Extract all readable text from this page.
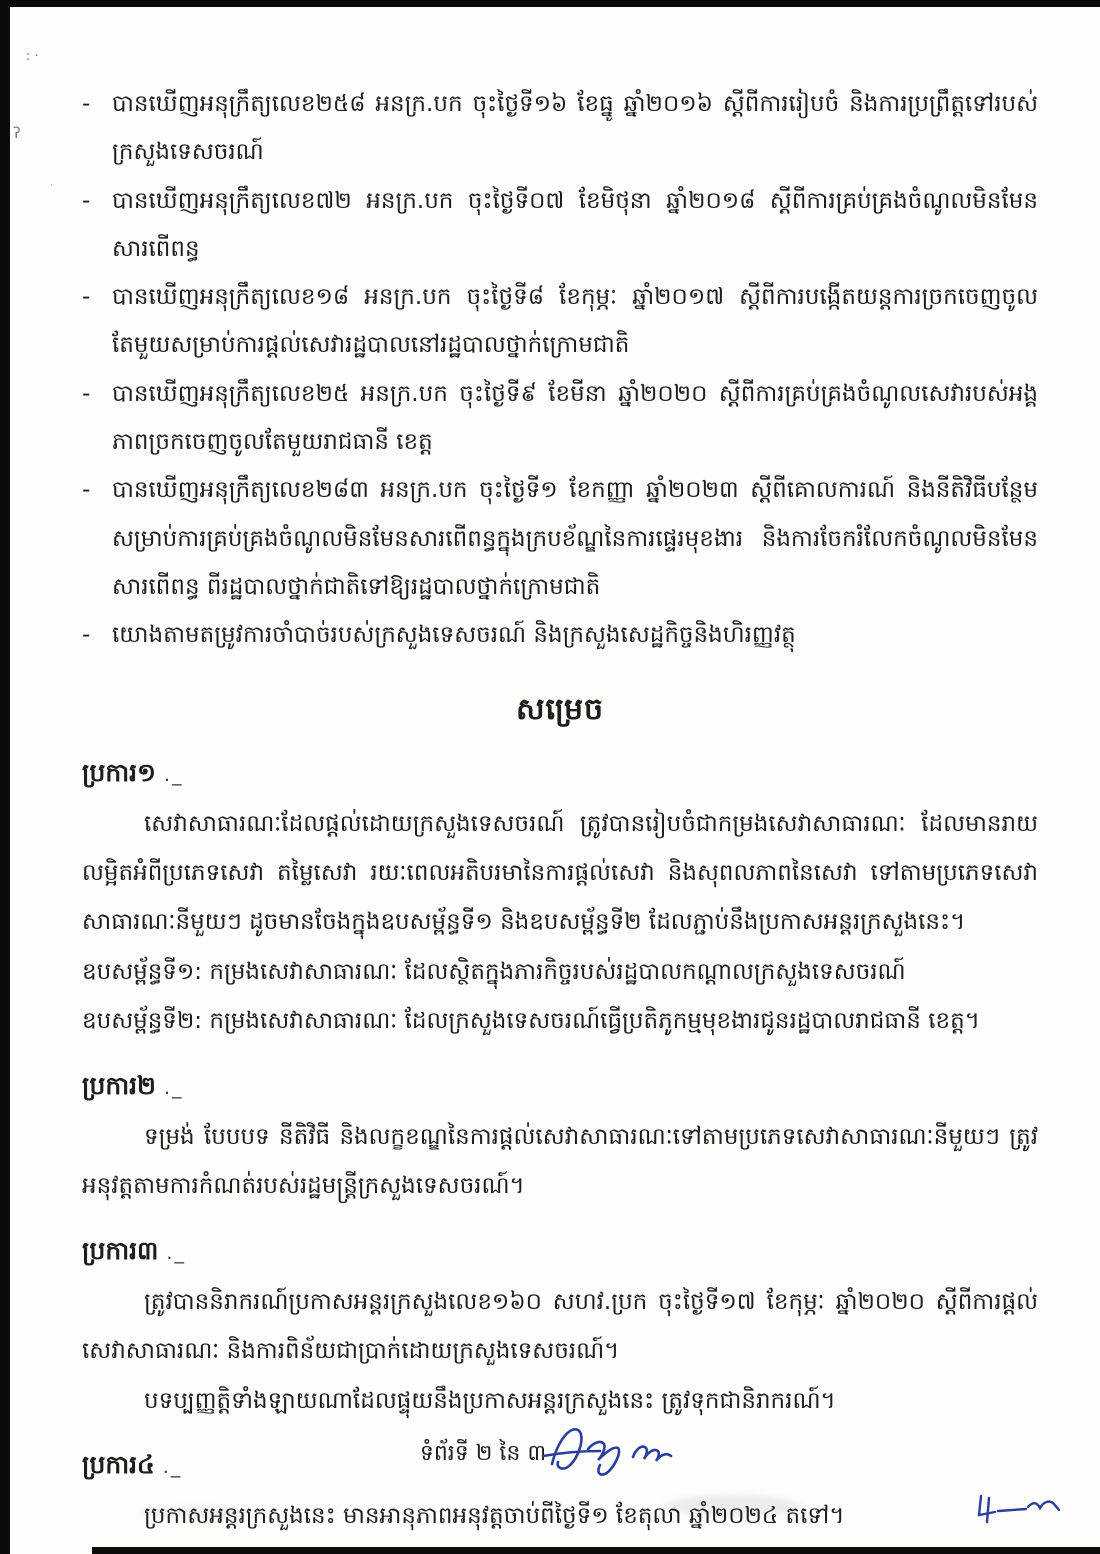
: ·
ʔ
·
- បានឃើញអនុក្រឹត្យលេខ២៥៨ អនក្រ.បក ចុះថ្ងៃទី១៦ ខែធ្នូ ឆ្នាំ២០១៦ ស្ដីពីការរៀបចំ និងការប្រព្រឹត្តទៅរបស់ក្រសួងទេសចរណ៍
- បានឃើញអនុក្រឹត្យលេខ៧២ អនក្រ.បក ចុះថ្ងៃទី០៧ ខែមិថុនា ឆ្នាំ២០១៨ ស្ដីពីការគ្រប់គ្រងចំណូលមិនមែនសារពើពន្ធ
- បានឃើញអនុក្រឹត្យលេខ១៨ អនក្រ.បក ចុះថ្ងៃទី៨ ខែកុម្ភៈ ឆ្នាំ២០១៧ ស្ដីពីការបង្កើតយន្តការច្រកចេញចូលតែមួយសម្រាប់ការផ្ដល់សេវារដ្ឋបាលនៅរដ្ឋបាលថ្នាក់ក្រោមជាតិ
- បានឃើញអនុក្រឹត្យលេខ២៥ អនក្រ.បក ចុះថ្ងៃទី៩ ខែមីនា ឆ្នាំ២០២០ ស្ដីពីការគ្រប់គ្រងចំណូលសេវារបស់អង្គភាពច្រកចេញចូលតែមួយរាជធានី ខេត្ត
- បានឃើញអនុក្រឹត្យលេខ២៨៣ អនក្រ.បក ចុះថ្ងៃទី១ ខែកញ្ញា ឆ្នាំ២០២៣ ស្ដីពីគោលការណ៍ និងនីតិវិធីបន្ថែមសម្រាប់ការគ្រប់គ្រងចំណូលមិនមែនសារពើពន្ធក្នុងក្របខ័ណ្ឌនៃការផ្ទេរមុខងារ និងការចែករំលែកចំណូលមិនមែនសារពើពន្ធ ពីរដ្ឋបាលថ្នាក់ជាតិទៅឱ្យរដ្ឋបាលថ្នាក់ក្រោមជាតិ
- យោងតាមតម្រូវការចាំបាច់របស់ក្រសួងទេសចរណ៍ និងក្រសួងសេដ្ឋកិច្ចនិងហិរញ្ញវត្ថុ
សម្រេច
ប្រការ១ ._

សេវាសាធារណៈដែលផ្ដល់ដោយក្រសួងទេសចរណ៍ ត្រូវបានរៀបចំជាកម្រងសេវាសាធារណៈ ដែលមានរាយលម្អិតអំពីប្រភេទសេវា តម្លៃសេវា រយៈពេលអតិបរមានៃការផ្ដល់សេវា និងសុពលភាពនៃសេវា ទៅតាមប្រភេទសេវាសាធារណៈនីមួយៗ ដូចមានចែងក្នុងឧបសម្ព័ន្ធទី១ និងឧបសម្ព័ន្ធទី២ ដែលភ្ជាប់នឹងប្រកាសអន្តរក្រសួងនេះ។

ឧបសម្ព័ន្ធទី១: កម្រងសេវាសាធារណៈ ដែលស្ថិតក្នុងភារកិច្ចរបស់រដ្ឋបាលកណ្ដាលក្រសួងទេសចរណ៍

ឧបសម្ព័ន្ធទី២: កម្រងសេវាសាធារណៈ ដែលក្រសួងទេសចរណ៍ធ្វើប្រតិភូកម្មមុខងារជូនរដ្ឋបាលរាជធានី ខេត្ត។

ប្រការ២ ._

ទម្រង់ បែបបទ នីតិវិធី និងលក្ខខណ្ឌនៃការផ្ដល់សេវាសាធារណៈទៅតាមប្រភេទសេវាសាធារណៈនីមួយៗ ត្រូវអនុវត្តតាមការកំណត់របស់រដ្ឋមន្ត្រីក្រសួងទេសចរណ៍។

ប្រការ៣ ._

ត្រូវបាននិរាករណ៍ប្រកាសអន្តរក្រសួងលេខ១៦០ សហវ.ប្រក ចុះថ្ងៃទី១៧ ខែកុម្ភៈ ឆ្នាំ២០២០ ស្ដីពីការផ្ដល់សេវាសាធារណៈ និងការពិន័យជាប្រាក់ដោយក្រសួងទេសចរណ៍។

បទប្បញ្ញត្តិទាំងឡាយណាដែលផ្ទុយនឹងប្រកាសអន្តរក្រសួងនេះ ត្រូវទុកជានិរាករណ៍។

ប្រការ៤ ._

ប្រកាសអន្តរក្រសួងនេះ មានអានុភាពអនុវត្តចាប់ពីថ្ងៃទី១ ខែតុលា ឆ្នាំ២០២៤ តទៅ។

ទំព័រទី ២ នៃ ៣
